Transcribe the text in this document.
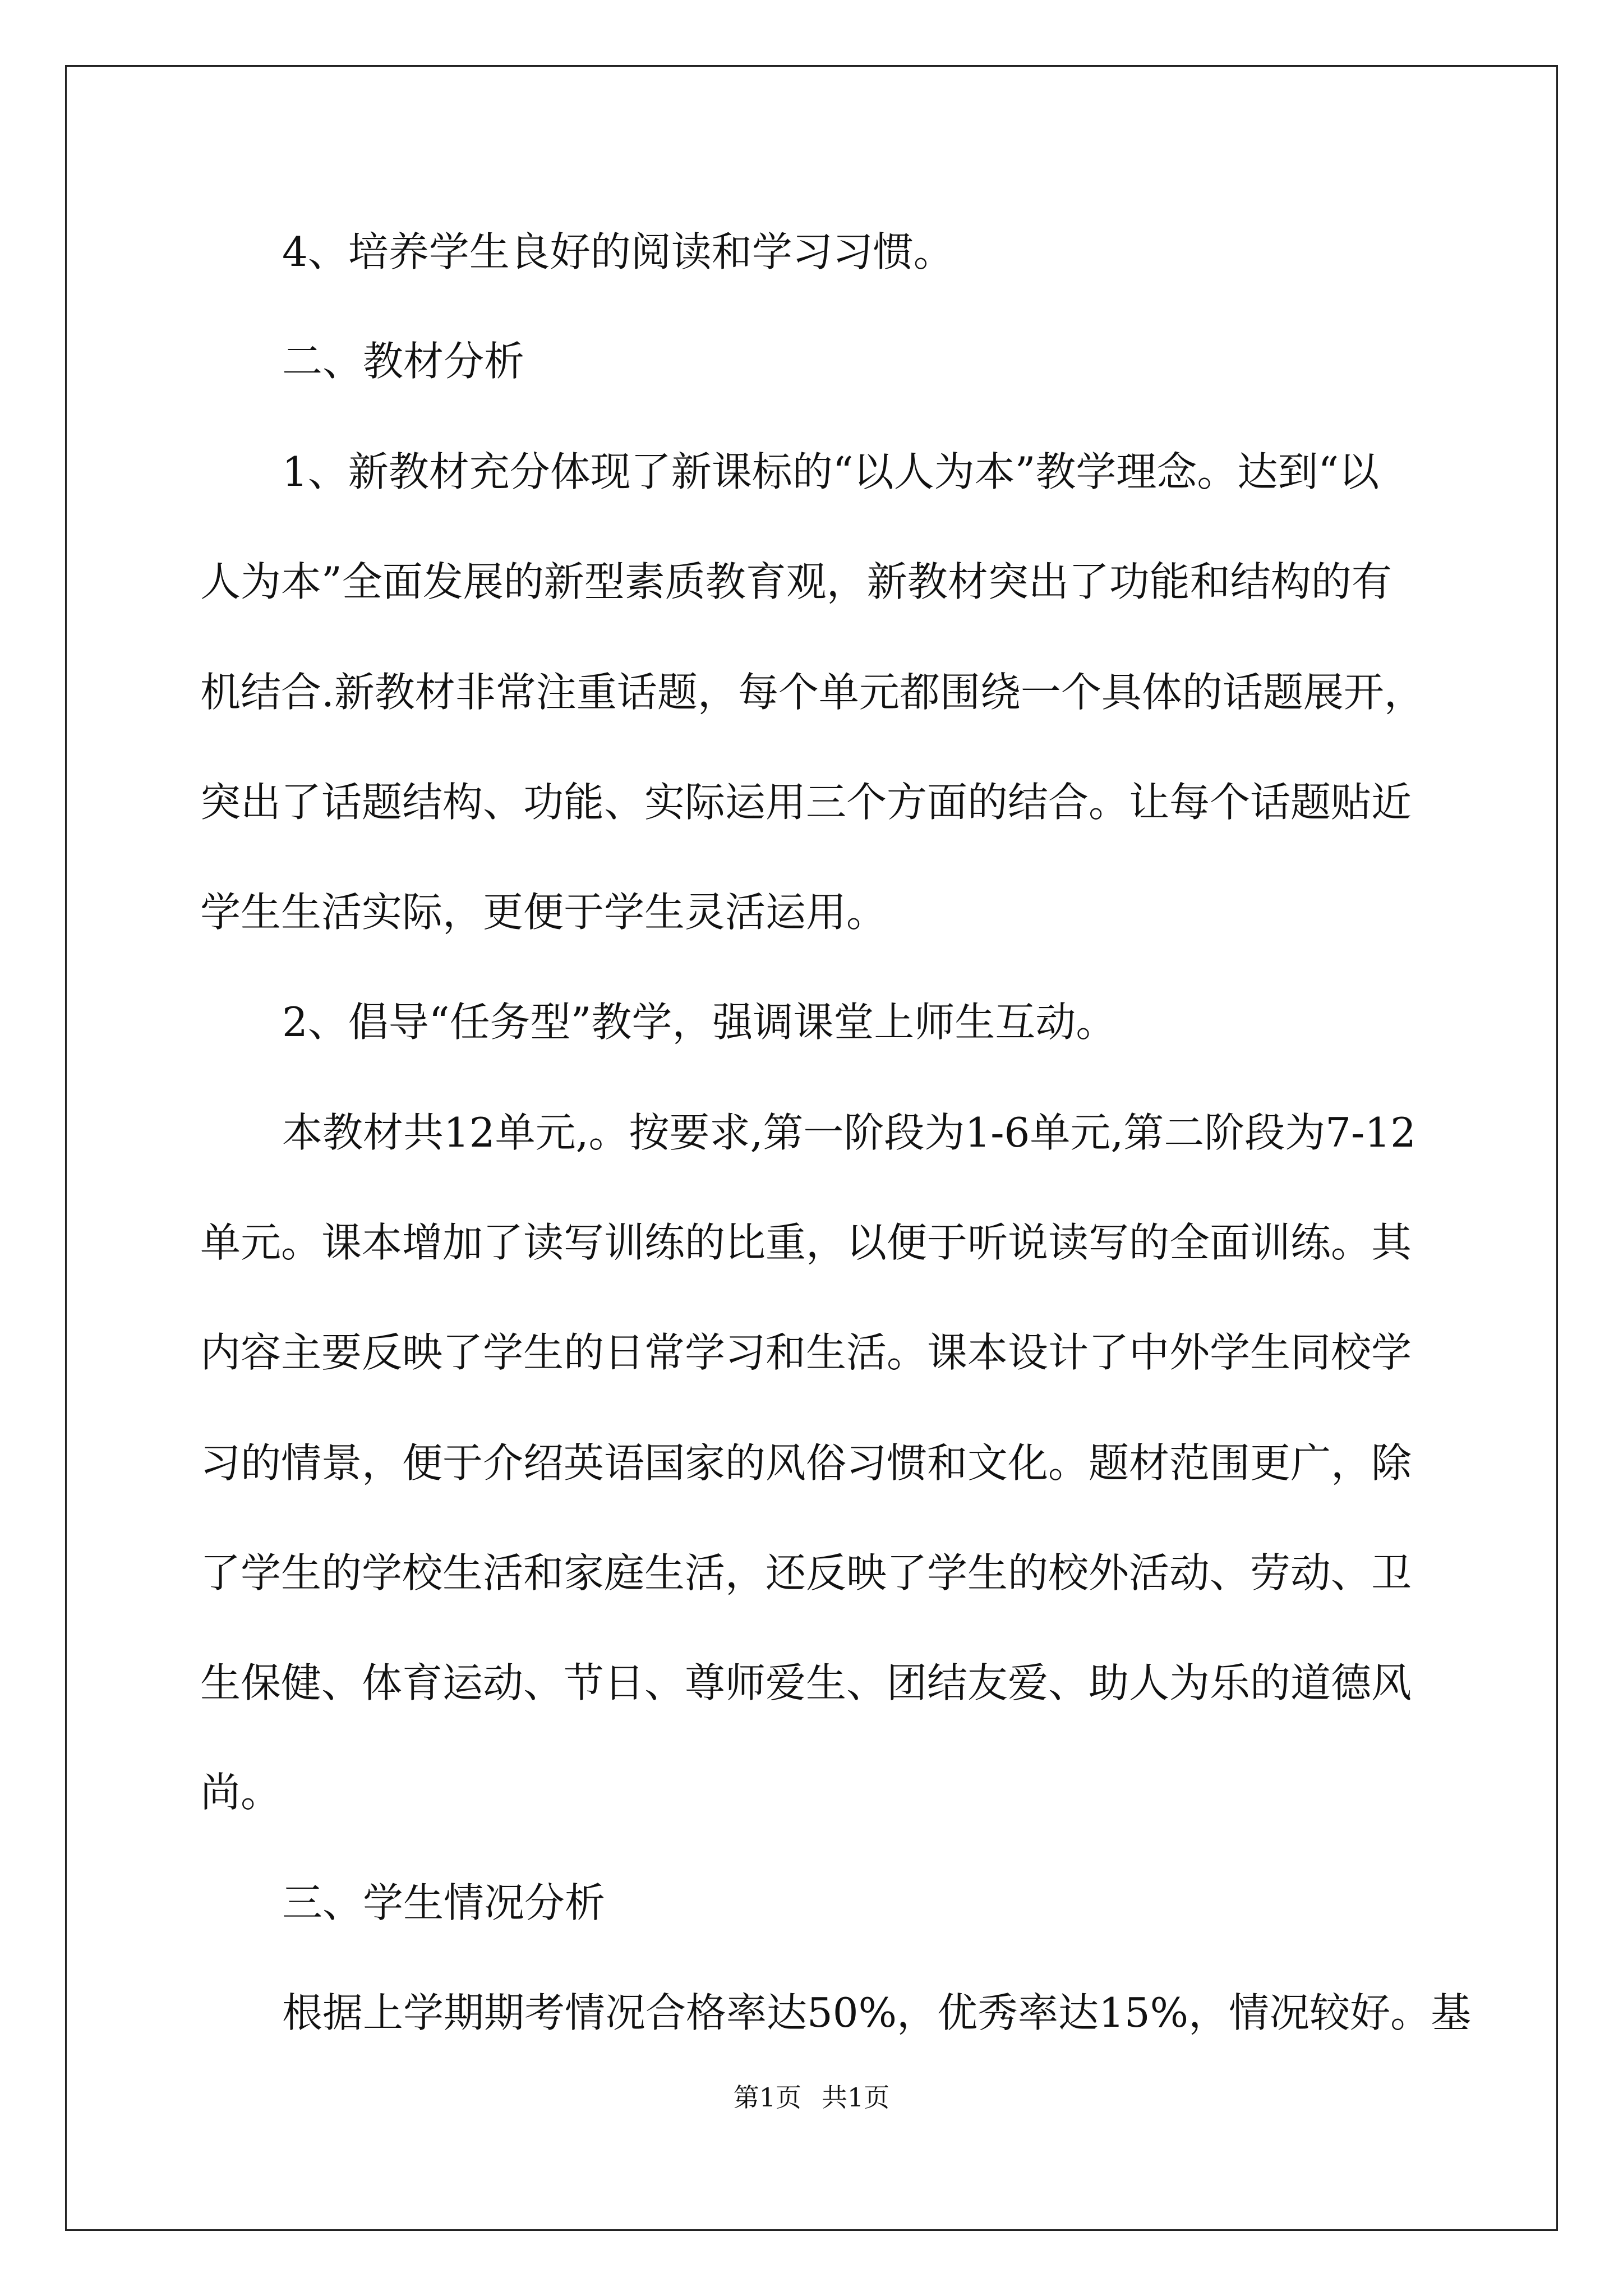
4、培养学生良好的阅读和学习习惯。
二、教材分析
1、新教材充分体现了新课标的“以人为本”教学理念。达到“以
人为本”全面发展的新型素质教育观，新教材突出了功能和结构的有
机结合.新教材非常注重话题，每个单元都围绕一个具体的话题展开，
突出了话题结构、功能、实际运用三个方面的结合。让每个话题贴近
学生生活实际，更便于学生灵活运用。
2、倡导“任务型”教学，强调课堂上师生互动。
本教材共12单元,。按要求,第一阶段为1-6单元,第二阶段为7-12
单元。课本增加了读写训练的比重，以便于听说读写的全面训练。其
内容主要反映了学生的日常学习和生活。课本设计了中外学生同校学
习的情景，便于介绍英语国家的风俗习惯和文化。题材范围更广，除
了学生的学校生活和家庭生活，还反映了学生的校外活动、劳动、卫
生保健、体育运动、节日、尊师爱生、团结友爱、助人为乐的道德风
尚。
三、学生情况分析
根据上学期期考情况合格率达50%，优秀率达15%，情况较好。基
第1页 共1页
